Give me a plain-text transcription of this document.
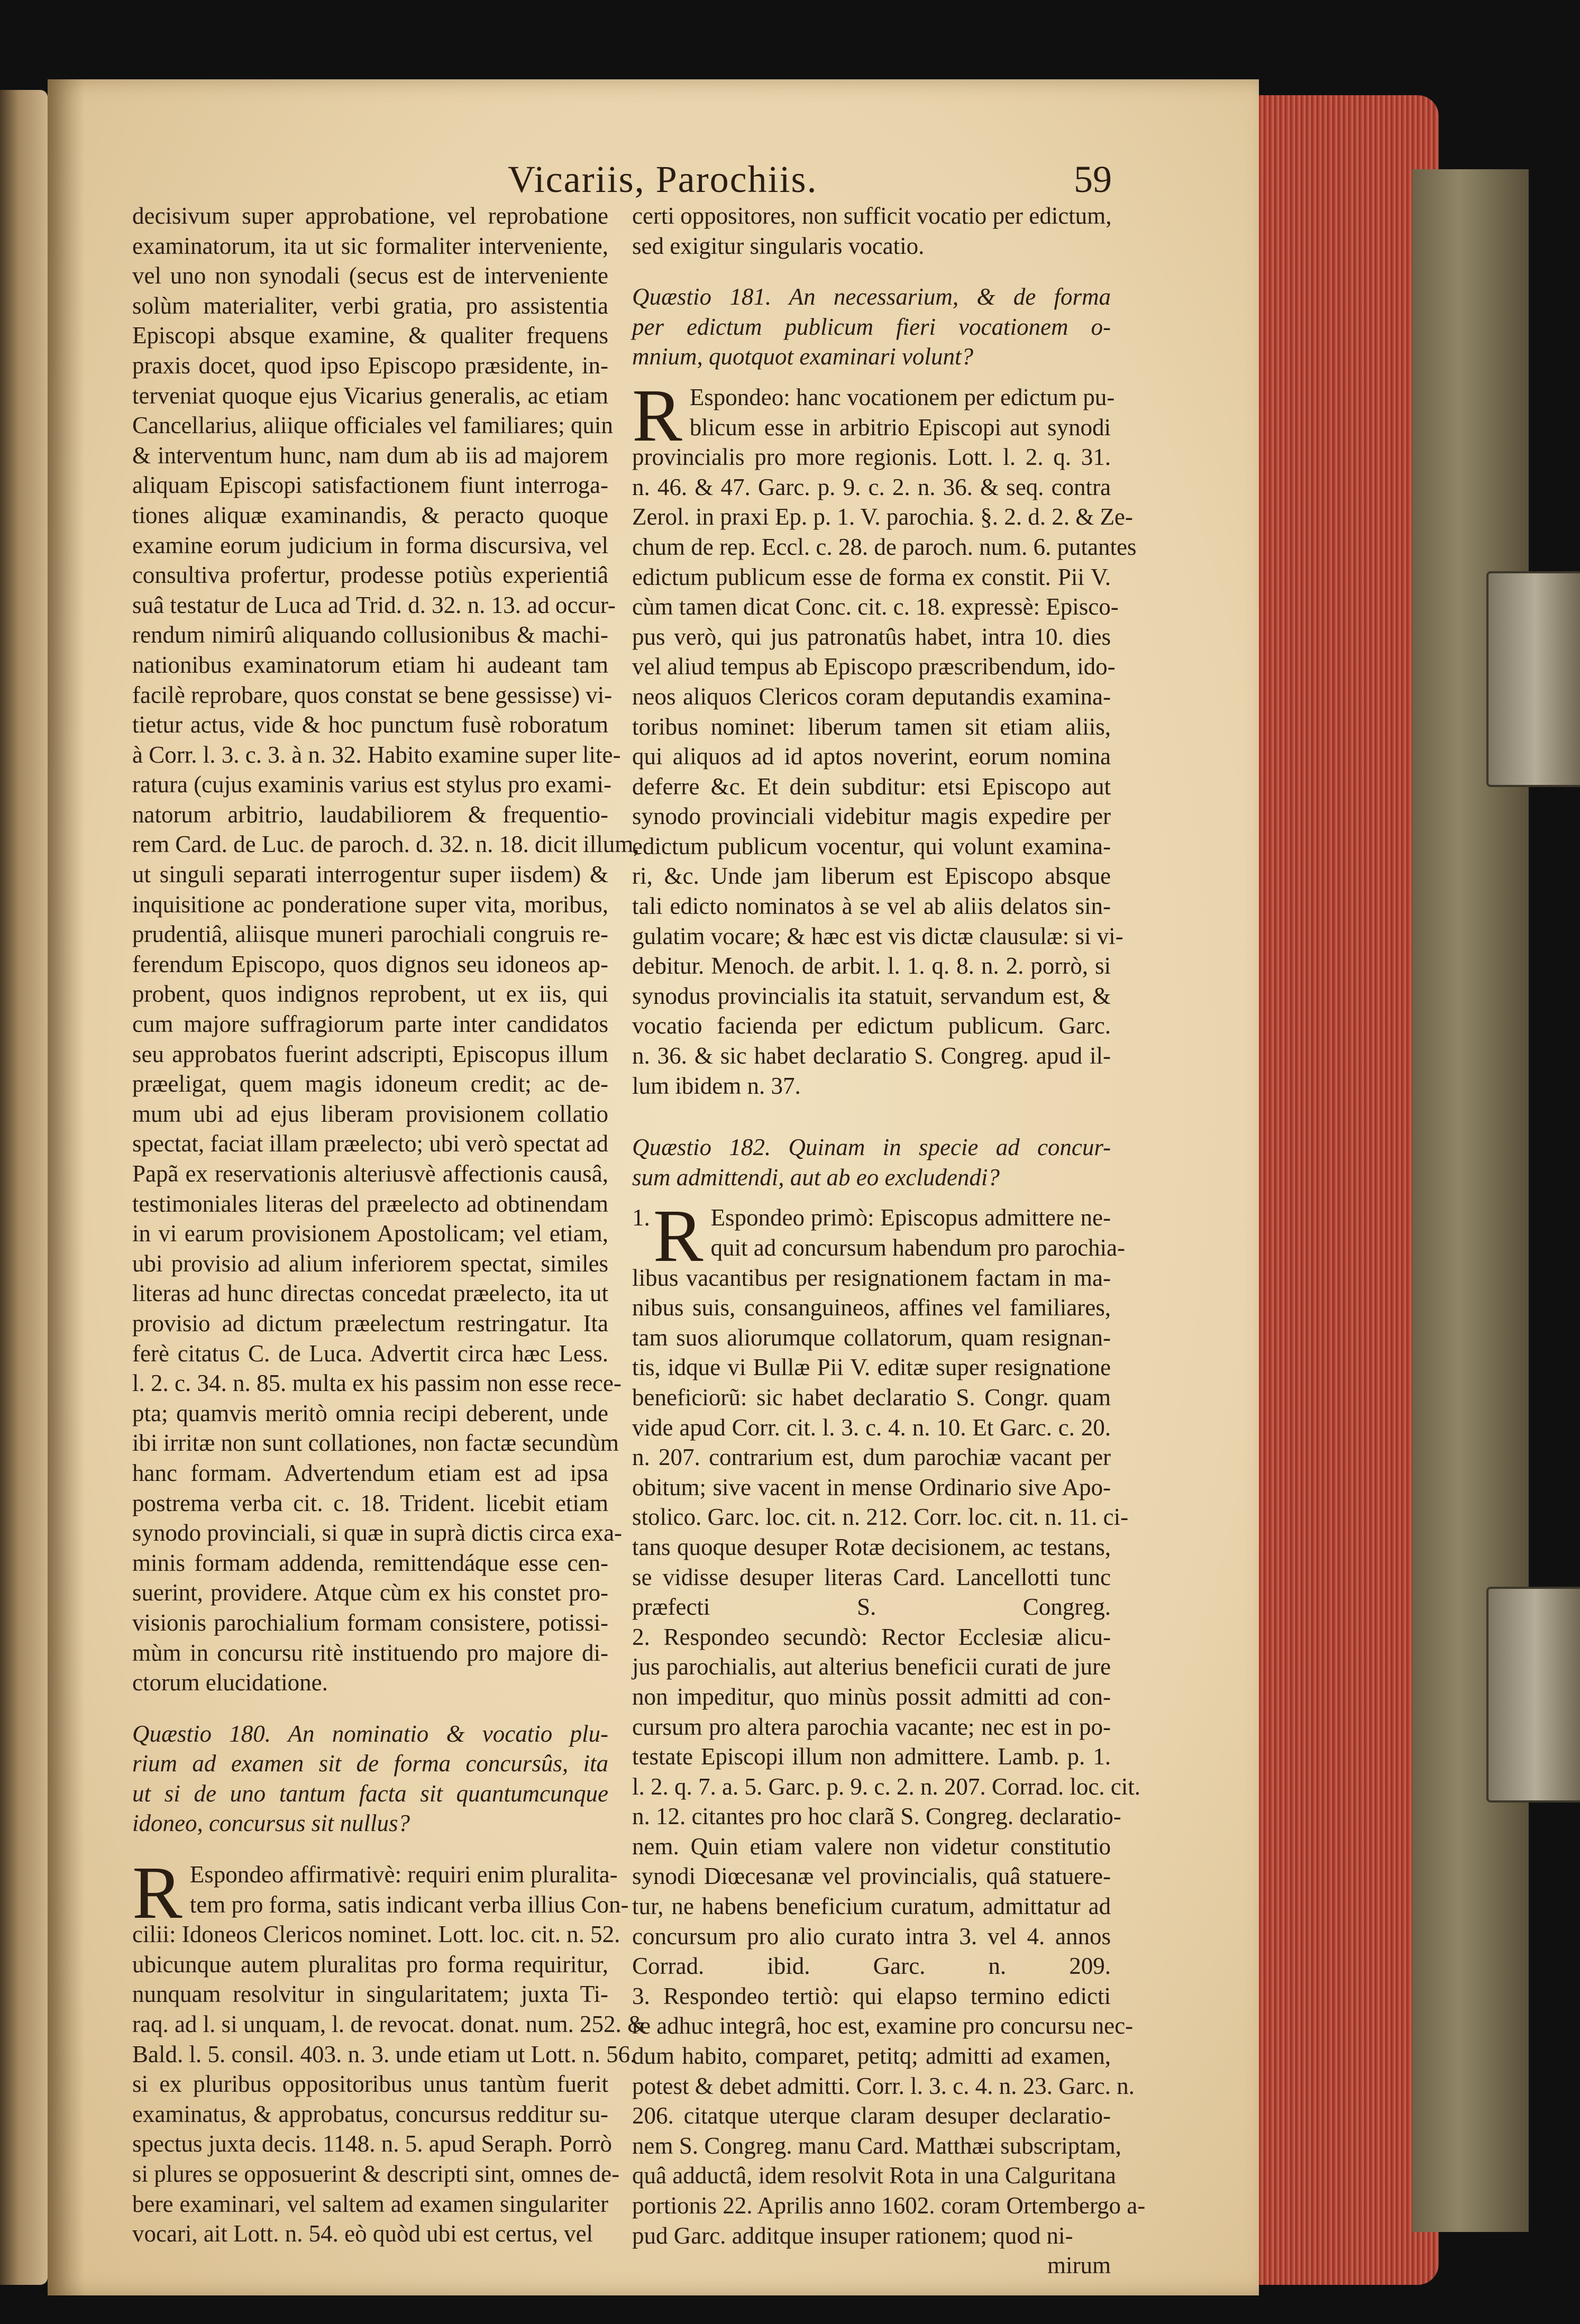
Vicariis, Parochiis.	59
decisivum super approbatione, vel reprobatione
examinatorum, ita ut sic formaliter interveniente,
vel uno non synodali (secus est de interveniente
solùm materialiter, verbi gratia, pro assistentia
Episcopi absque examine, & qualiter frequens
praxis docet, quod ipso Episcopo præsidente, in-
terveniat quoque ejus Vicarius generalis, ac etiam
Cancellarius, aliique officiales vel familiares; quin
& interventum hunc, nam dum ab iis ad majorem
aliquam Episcopi satisfactionem fiunt interroga-
tiones aliquæ examinandis, & peracto quoque
examine eorum judicium in forma discursiva, vel
consultiva profertur, prodesse potiùs experientiâ
suâ testatur de Luca ad Trid. d. 32. n. 13. ad occur-
rendum nimirû aliquando collusionibus & machi-
nationibus examinatorum etiam hi audeant tam
facilè reprobare, quos constat se bene gessisse) vi-
tietur actus, vide & hoc punctum fusè roboratum
à Corr. l. 3. c. 3. à n. 32. Habito examine super lite-
ratura (cujus examinis varius est stylus pro exami-
natorum arbitrio, laudabiliorem & frequentio-
rem Card. de Luc. de paroch. d. 32. n. 18. dicit illum,
ut singuli separati interrogentur super iisdem) &
inquisitione ac ponderatione super vita, moribus,
prudentiâ, aliisque muneri parochiali congruis re-
ferendum Episcopo, quos dignos seu idoneos ap-
probent, quos indignos reprobent, ut ex iis, qui
cum majore suffragiorum parte inter candidatos
seu approbatos fuerint adscripti, Episcopus illum
præeligat, quem magis idoneum credit; ac de-
mum ubi ad ejus liberam provisionem collatio
spectat, faciat illam præelecto; ubi verò spectat ad
Papã ex reservationis alteriusvè affectionis causâ,
testimoniales literas del præelecto ad obtinendam
in vi earum provisionem Apostolicam; vel etiam,
ubi provisio ad alium inferiorem spectat, similes
literas ad hunc directas concedat præelecto, ita ut
provisio ad dictum præelectum restringatur. Ita
ferè citatus C. de Luca. Advertit circa hæc Less.
l. 2. c. 34. n. 85. multa ex his passim non esse rece-
pta; quamvis meritò omnia recipi deberent, unde
ibi irritæ non sunt collationes, non factæ secundùm
hanc formam. Advertendum etiam est ad ipsa
postrema verba cit. c. 18. Trident. licebit etiam
synodo provinciali, si quæ in suprà dictis circa exa-
minis formam addenda, remittendáque esse cen-
suerint, providere. Atque cùm ex his constet pro-
visionis parochialium formam consistere, potissi-
mùm in concursu ritè instituendo pro majore di-
ctorum elucidatione.
Quæstio 180. An nominatio & vocatio plu-
rium ad examen sit de forma concursûs, ita
ut si de uno tantum facta sit quantumcunque
idoneo, concursus sit nullus?
R Espondeo affirmativè: requiri enim pluralita-
tem pro forma, satis indicant verba illius Con-
cilii: Idoneos Clericos nominet. Lott. loc. cit. n. 52.
ubicunque autem pluralitas pro forma requiritur,
nunquam resolvitur in singularitatem; juxta Ti-
raq. ad l. si unquam, l. de revocat. donat. num. 252. &
Bald. l. 5. consil. 403. n. 3. unde etiam ut Lott. n. 56.
si ex pluribus oppositoribus unus tantùm fuerit
examinatus, & approbatus, concursus redditur su-
spectus juxta decis. 1148. n. 5. apud Seraph. Porrò
si plures se opposuerint & descripti sint, omnes de-
bere examinari, vel saltem ad examen singulariter
vocari, ait Lott. n. 54. eò quòd ubi est certus, vel
certi oppositores, non sufficit vocatio per edictum,
sed exigitur singularis vocatio.
Quæstio 181. An necessarium, & de forma
per edictum publicum fieri vocationem o-
mnium, quotquot examinari volunt?
R Espondeo: hanc vocationem per edictum pu-
blicum esse in arbitrio Episcopi aut synodi
provincialis pro more regionis. Lott. l. 2. q. 31.
n. 46. & 47. Garc. p. 9. c. 2. n. 36. & seq. contra
Zerol. in praxi Ep. p. 1. V. parochia. §. 2. d. 2. & Ze-
chum de rep. Eccl. c. 28. de paroch. num. 6. putantes
edictum publicum esse de forma ex constit. Pii V.
cùm tamen dicat Conc. cit. c. 18. expressè: Episco-
pus verò, qui jus patronatûs habet, intra 10. dies
vel aliud tempus ab Episcopo præscribendum, ido-
neos aliquos Clericos coram deputandis examina-
toribus nominet: liberum tamen sit etiam aliis,
qui aliquos ad id aptos noverint, eorum nomina
deferre &c. Et dein subditur: etsi Episcopo aut
synodo provinciali videbitur magis expedire per
edictum publicum vocentur, qui volunt examina-
ri, &c. Unde jam liberum est Episcopo absque
tali edicto nominatos à se vel ab aliis delatos sin-
gulatim vocare; & hæc est vis dictæ clausulæ: si vi-
debitur. Menoch. de arbit. l. 1. q. 8. n. 2. porrò, si
synodus provincialis ita statuit, servandum est, &
vocatio facienda per edictum publicum. Garc.
n. 36. & sic habet declaratio S. Congreg. apud il-
lum ibidem n. 37.
Quæstio 182. Quinam in specie ad concur-
sum admittendi, aut ab eo excludendi?
1. R Espondeo primò: Episcopus admittere ne-
quit ad concursum habendum pro parochia-
libus vacantibus per resignationem factam in ma-
nibus suis, consanguineos, affines vel familiares,
tam suos aliorumque collatorum, quam resignan-
tis, idque vi Bullæ Pii V. editæ super resignatione
beneficiorũ: sic habet declaratio S. Congr. quam
vide apud Corr. cit. l. 3. c. 4. n. 10. Et Garc. c. 20.
n. 207. contrarium est, dum parochiæ vacant per
obitum; sive vacent in mense Ordinario sive Apo-
stolico. Garc. loc. cit. n. 212. Corr. loc. cit. n. 11. ci-
tans quoque desuper Rotæ decisionem, ac testans,
se vidisse desuper literas Card. Lancellotti tunc
præfecti S. Congreg.
2. Respondeo secundò: Rector Ecclesiæ alicu-
jus parochialis, aut alterius beneficii curati de jure
non impeditur, quo minùs possit admitti ad con-
cursum pro altera parochia vacante; nec est in po-
testate Episcopi illum non admittere. Lamb. p. 1.
l. 2. q. 7. a. 5. Garc. p. 9. c. 2. n. 207. Corrad. loc. cit.
n. 12. citantes pro hoc clarã S. Congreg. declaratio-
nem. Quin etiam valere non videtur constitutio
synodi Diœcesanæ vel provincialis, quâ statuere-
tur, ne habens beneficium curatum, admittatur ad
concursum pro alio curato intra 3. vel 4. annos
Corrad. ibid. Garc. n. 209.
3. Respondeo tertiò: qui elapso termino edicti
re adhuc integrâ, hoc est, examine pro concursu nec-
dum habito, comparet, petitq; admitti ad examen,
potest & debet admitti. Corr. l. 3. c. 4. n. 23. Garc. n.
206. citatque uterque claram desuper declaratio-
nem S. Congreg. manu Card. Matthæi subscriptam,
quâ adductâ, idem resolvit Rota in una Calguritana
portionis 22. Aprilis anno 1602. coram Ortembergo a-
pud Garc. additque insuper rationem; quod ni-
mirum
